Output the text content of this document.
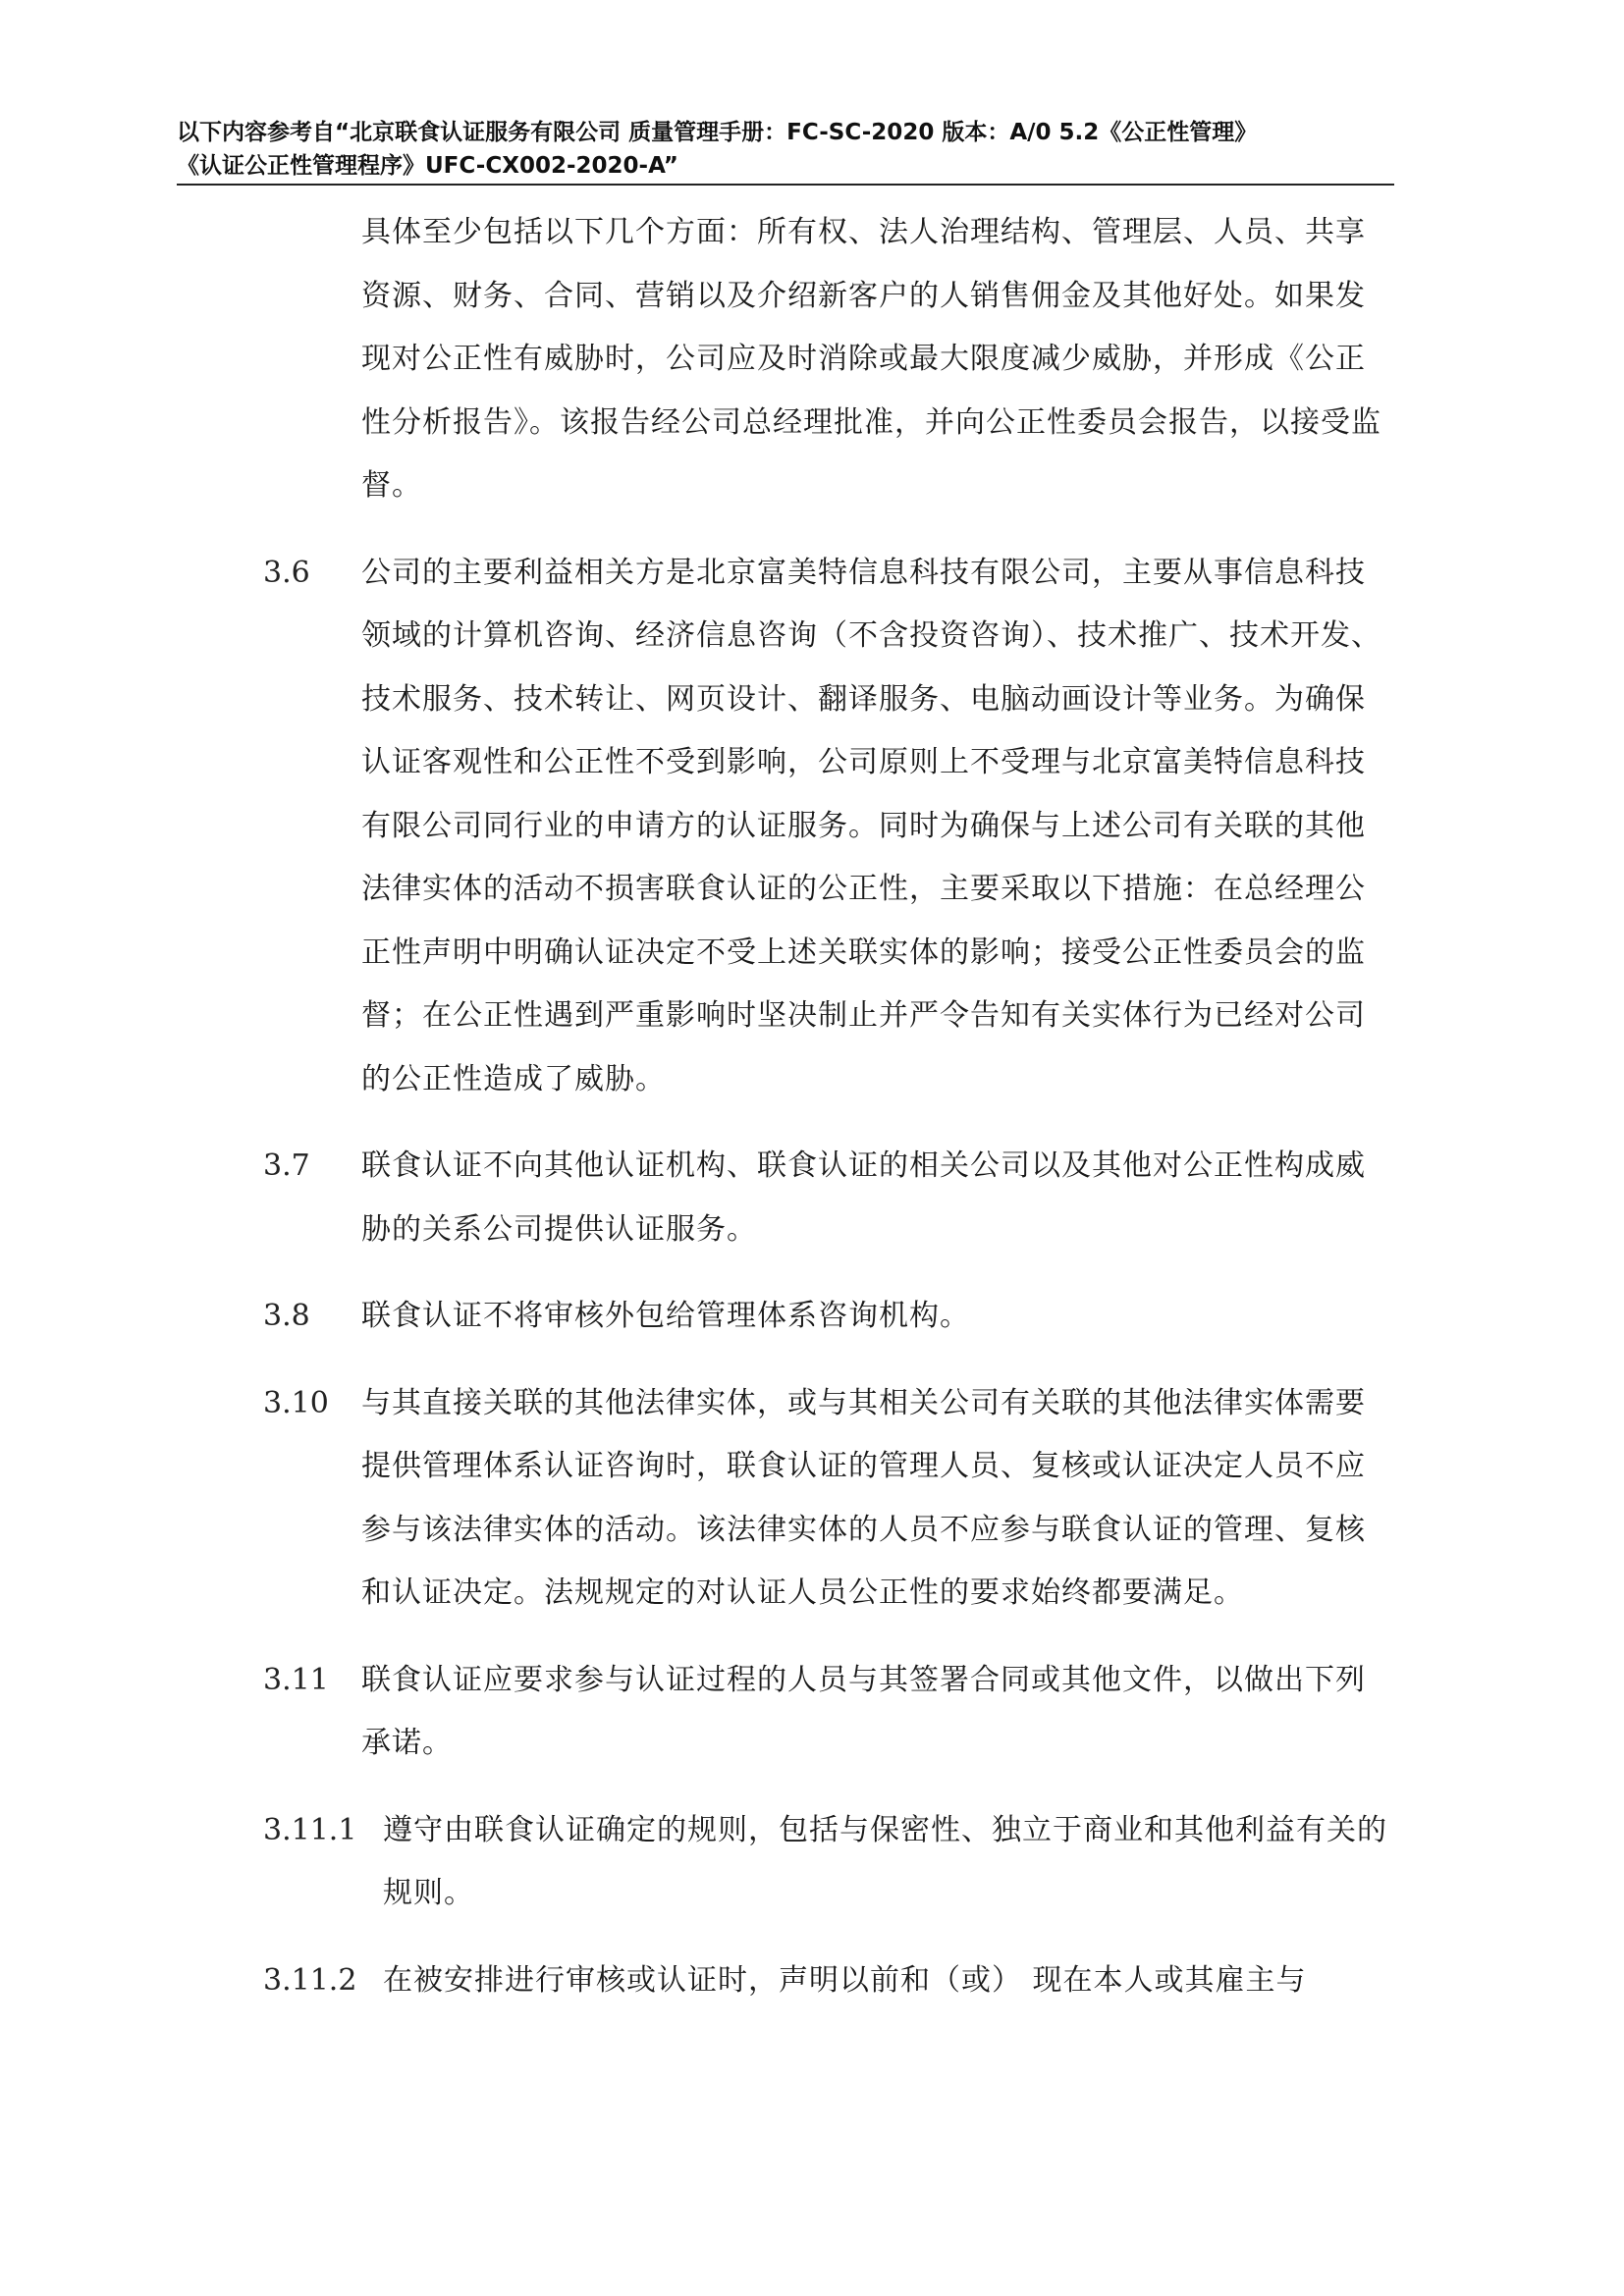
以下内容参考自“北京联食认证服务有限公司 质量管理手册：FC-SC-2020 版本：A/0 5.2《公正性管理》
《认证公正性管理程序》UFC-CX002-2020-A”

具体至少包括以下几个方面：所有权、法人治理结构、管理层、人员、共享资源、财务、合同、营销以及介绍新客户的人销售佣金及其他好处。如果发现对公正性有威胁时，公司应及时消除或最大限度减少威胁，并形成《公正性分析报告》。该报告经公司总经理批准，并向公正性委员会报告，以接受监督。

3.6	公司的主要利益相关方是北京富美特信息科技有限公司，主要从事信息科技领域的计算机咨询、经济信息咨询（不含投资咨询）、技术推广、技术开发、技术服务、技术转让、网页设计、翻译服务、电脑动画设计等业务。为确保认证客观性和公正性不受到影响，公司原则上不受理与北京富美特信息科技有限公司同行业的申请方的认证服务。同时为确保与上述公司有关联的其他法律实体的活动不损害联食认证的公正性，主要采取以下措施：在总经理公正性声明中明确认证决定不受上述关联实体的影响；接受公正性委员会的监督；在公正性遇到严重影响时坚决制止并严令告知有关实体行为已经对公司的公正性造成了威胁。
3.7	联食认证不向其他认证机构、联食认证的相关公司以及其他对公正性构成威胁的关系公司提供认证服务。
3.8	联食认证不将审核外包给管理体系咨询机构。
3.10	与其直接关联的其他法律实体，或与其相关公司有关联的其他法律实体需要提供管理体系认证咨询时，联食认证的管理人员、复核或认证决定人员不应参与该法律实体的活动。该法律实体的人员不应参与联食认证的管理、复核和认证决定。法规规定的对认证人员公正性的要求始终都要满足。
3.11	联食认证应要求参与认证过程的人员与其签署合同或其他文件，以做出下列承诺。
3.11.1 遵守由联食认证确定的规则，包括与保密性、独立于商业和其他利益有关的规则。
3.11.2 在被安排进行审核或认证时，声明以前和（或） 现在本人或其雇主与
